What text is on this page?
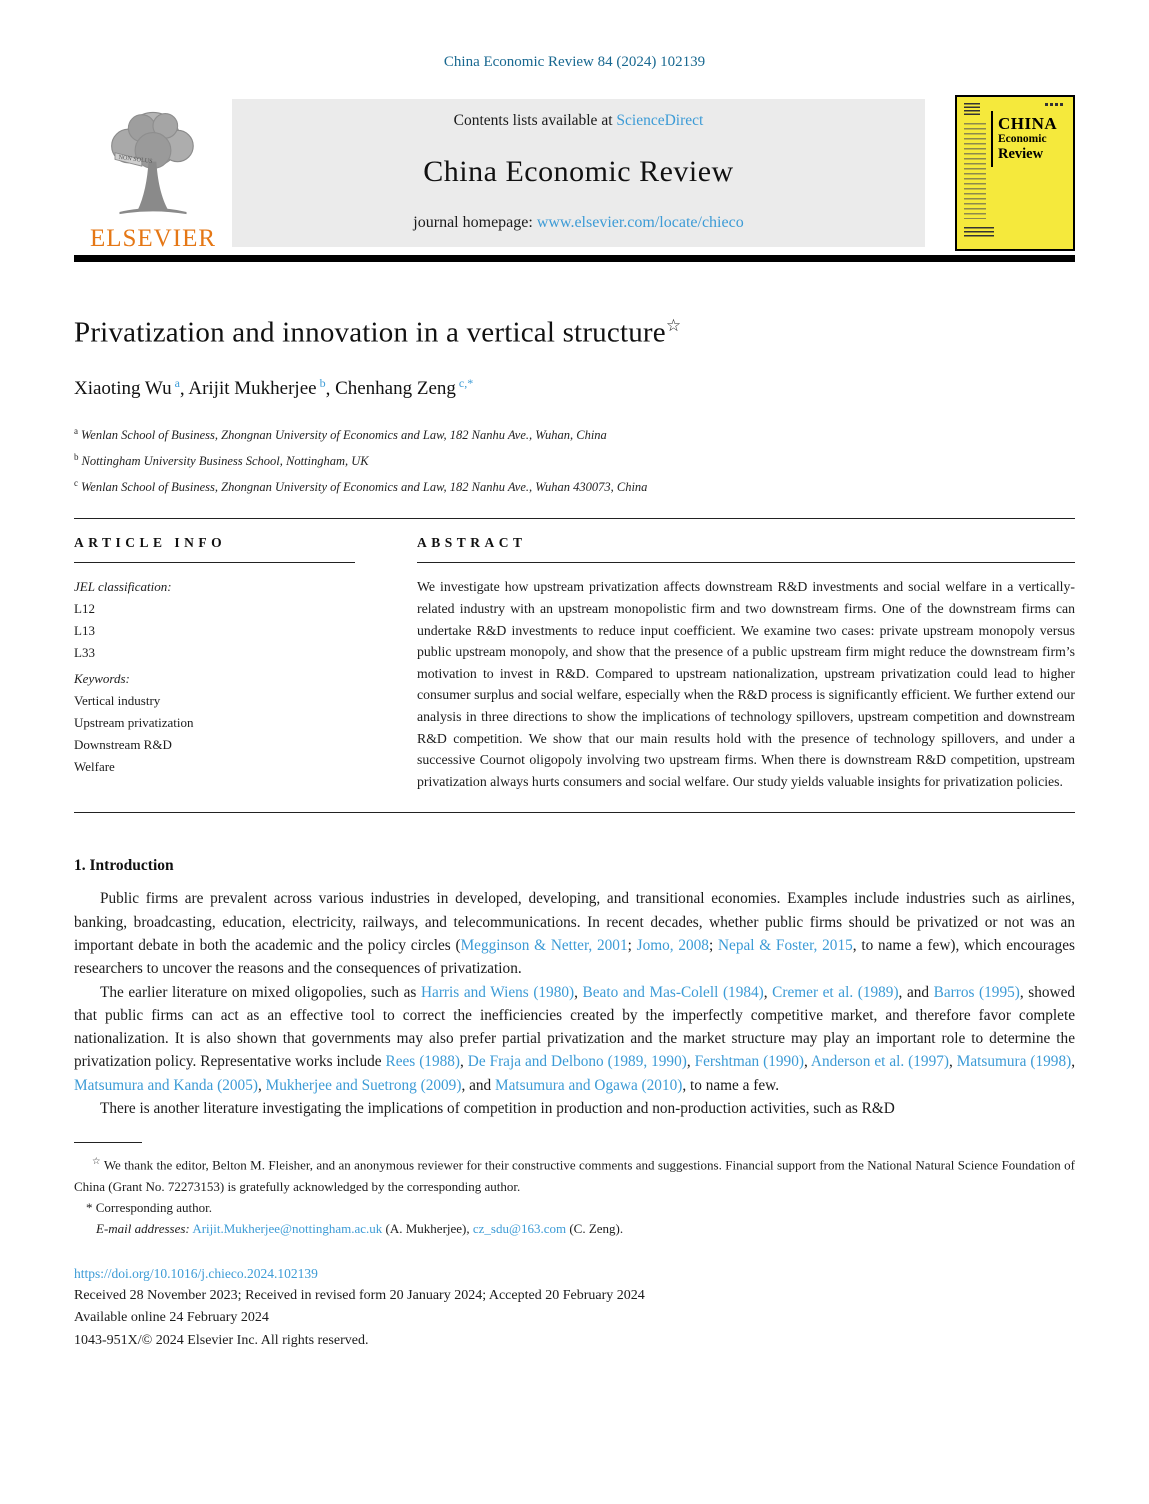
China Economic Review 84 (2024) 102139
NON SOLUS
ELSEVIER
Contents lists available at ScienceDirect
China Economic Review
journal homepage: www.elsevier.com/locate/chieco
CHINA
Economic
Review
Privatization and innovation in a vertical structure☆
Xiaoting Wu $^a$, Arijit Mukherjee $^b$, Chenhang Zeng $^{c,*}$
$^a$ Wenlan School of Business, Zhongnan University of Economics and Law, 182 Nanhu Ave., Wuhan, China
$^b$ Nottingham University Business School, Nottingham, UK
$^c$ Wenlan School of Business, Zhongnan University of Economics and Law, 182 Nanhu Ave., Wuhan 430073, China
ARTICLE INFO
JEL classification:
L12
L13
L33
Keywords:
Vertical industry
Upstream privatization
Downstream R&D
Welfare
ABSTRACT

We investigate how upstream privatization affects downstream R&D investments and social welfare in a vertically-related industry with an upstream monopolistic firm and two downstream firms. One of the downstream firms can undertake R&D investments to reduce input coefficient. We examine two cases: private upstream monopoly versus public upstream monopoly, and show that the presence of a public upstream firm might reduce the downstream firm’s motivation to invest in R&D. Compared to upstream nationalization, upstream privatization could lead to higher consumer surplus and social welfare, especially when the R&D process is significantly efficient. We further extend our analysis in three directions to show the implications of technology spillovers, upstream competition and downstream R&D competition. We show that our main results hold with the presence of technology spillovers, and under a successive Cournot oligopoly involving two upstream firms. When there is downstream R&D competition, upstream privatization always hurts consumers and social welfare. Our study yields valuable insights for privatization policies.

1. Introduction

Public firms are prevalent across various industries in developed, developing, and transitional economies. Examples include industries such as airlines, banking, broadcasting, education, electricity, railways, and telecommunications. In recent decades, whether public firms should be privatized or not was an important debate in both the academic and the policy circles (Megginson & Netter, 2001; Jomo, 2008; Nepal & Foster, 2015, to name a few), which encourages researchers to uncover the reasons and the consequences of privatization.

The earlier literature on mixed oligopolies, such as Harris and Wiens (1980), Beato and Mas-Colell (1984), Cremer et al. (1989), and Barros (1995), showed that public firms can act as an effective tool to correct the inefficiencies created by the imperfectly competitive market, and therefore favor complete nationalization. It is also shown that governments may also prefer partial privatization and the market structure may play an important role to determine the privatization policy. Representative works include Rees (1988), De Fraja and Delbono (1989, 1990), Fershtman (1990), Anderson et al. (1997), Matsumura (1998), Matsumura and Kanda (2005), Mukherjee and Suetrong (2009), and Matsumura and Ogawa (2010), to name a few.

There is another literature investigating the implications of competition in production and non-production activities, such as R&D

☆ We thank the editor, Belton M. Fleisher, and an anonymous reviewer for their constructive comments and suggestions. Financial support from the National Natural Science Foundation of China (Grant No. 72273153) is gratefully acknowledged by the corresponding author.

* Corresponding author.

E-mail addresses: Arijit.Mukherjee@nottingham.ac.uk (A. Mukherjee), cz_sdu@163.com (C. Zeng).

https://doi.org/10.1016/j.chieco.2024.102139
Received 28 November 2023; Received in revised form 20 January 2024; Accepted 20 February 2024
Available online 24 February 2024
1043-951X/© 2024 Elsevier Inc. All rights reserved.
